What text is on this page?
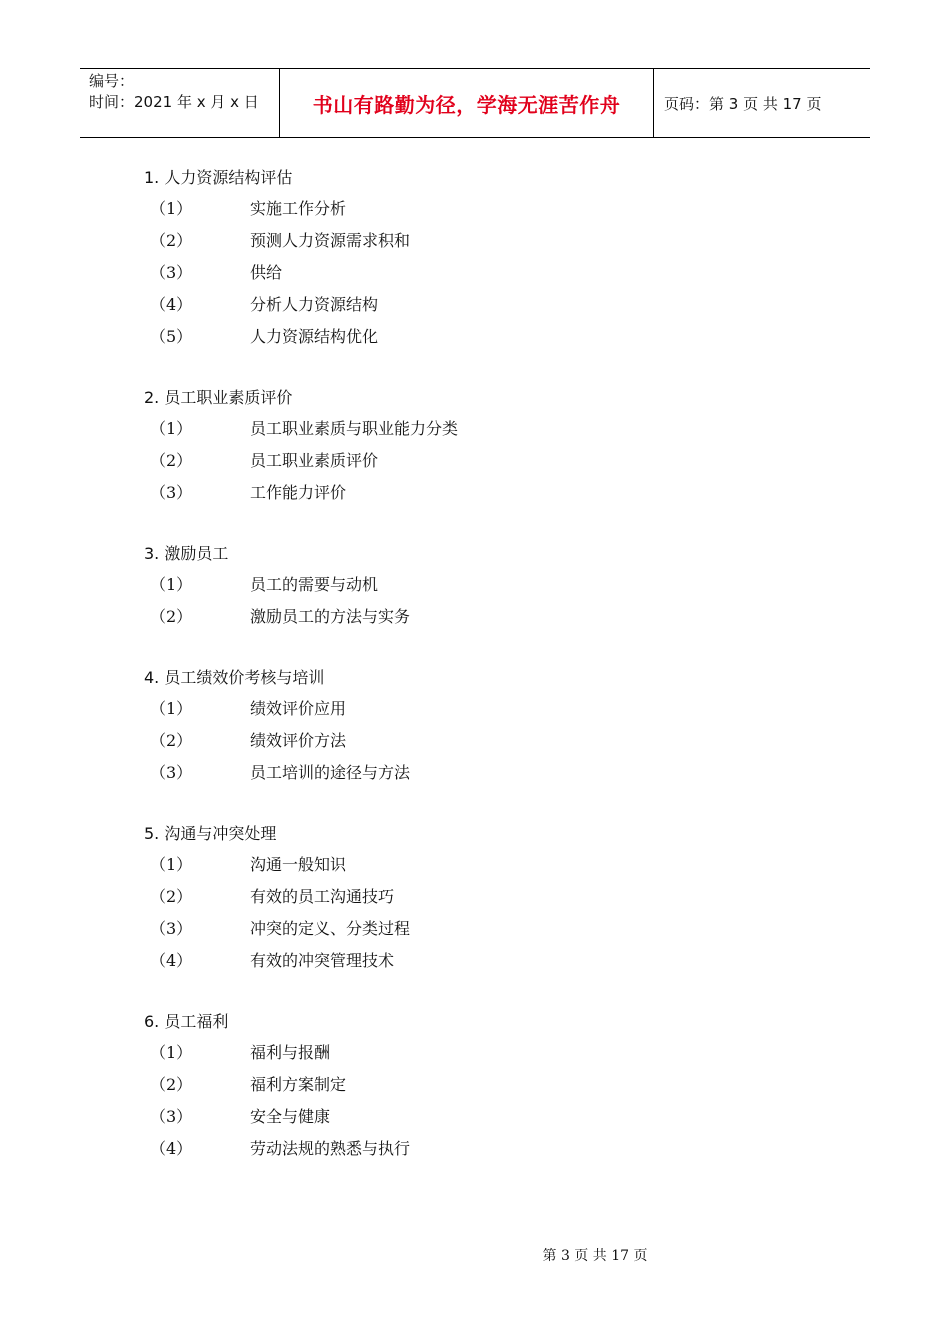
编号：
时间：2021 年 x 月 x 日	书山有路勤为径，学海无涯苦作舟	页码：第 3 页 共 17 页
1. 人力资源结构评估
（1）	实施工作分析
（2）	预测人力资源需求积和
（3）	供给
（4）	分析人力资源结构
（5）	人力资源结构优化
2. 员工职业素质评价
（1）	员工职业素质与职业能力分类
（2）	员工职业素质评价
（3）	工作能力评价
3. 激励员工
（1）	员工的需要与动机
（2）	激励员工的方法与实务
4. 员工绩效价考核与培训
（1）	绩效评价应用
（2）	绩效评价方法
（3）	员工培训的途径与方法
5. 沟通与冲突处理
（1）	沟通一般知识
（2）	有效的员工沟通技巧
（3）	冲突的定义、分类过程
（4）	有效的冲突管理技术
6. 员工福利
（1）	福利与报酬
（2）	福利方案制定
（3）	安全与健康
（4）	劳动法规的熟悉与执行
第 3 页 共 17 页
